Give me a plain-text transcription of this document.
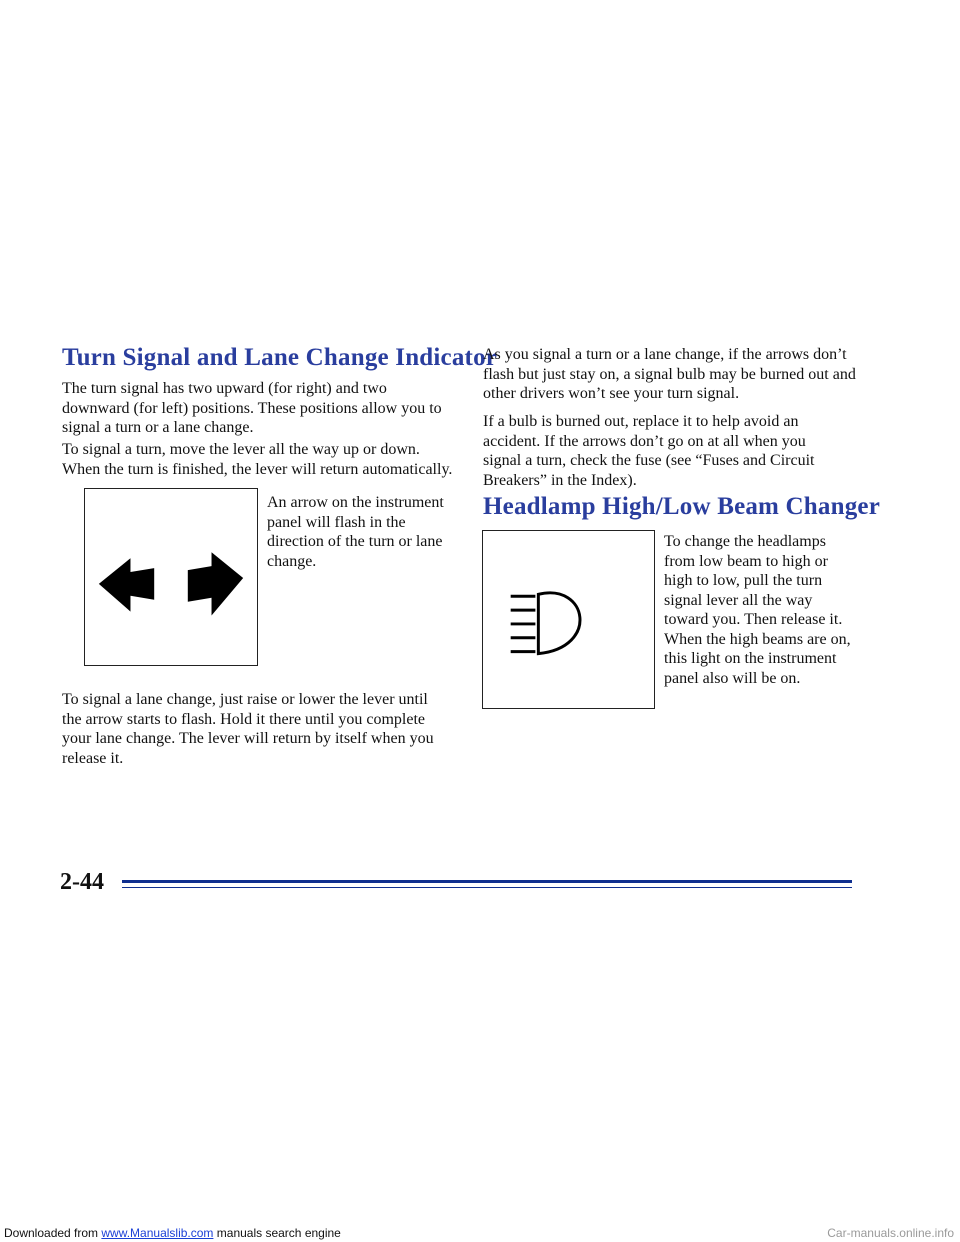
Turn Signal and Lane Change Indicator

The turn signal has two upward (for right) and two downward (for left) positions. These positions allow you to signal a turn or a lane change.

To signal a turn, move the lever all the way up or down. When the turn is finished, the lever will return automatically.

An arrow on the instrument panel will flash in the direction of the turn or lane change.

To signal a lane change, just raise or lower the lever until the arrow starts to flash. Hold it there until you complete your lane change. The lever will return by itself when you release it.

As you signal a turn or a lane change, if the arrows don’t flash but just stay on, a signal bulb may be burned out and other drivers won’t see your turn signal.

If a bulb is burned out, replace it to help avoid an accident. If the arrows don’t go on at all when you signal a turn, check the fuse (see “Fuses and Circuit Breakers” in the Index).

Headlamp High/Low Beam Changer

To change the headlamps from low beam to high or high to low, pull the turn signal lever all the way toward you. Then release it. When the high beams are on, this light on the instrument panel also will be on.

2-44
Downloaded from www.Manualslib.com manuals search engine	Car-manuals.online.info
